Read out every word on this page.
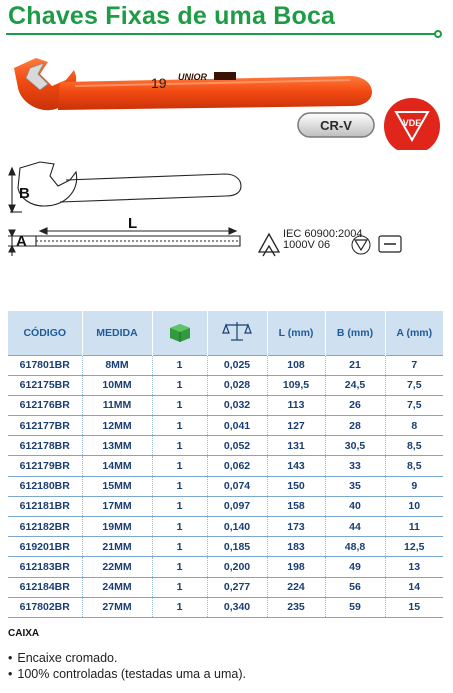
Chaves Fixas de uma Boca
19 UNIOR
CR-V	VDE
B
L
A	IEC 60900:2004
1000V 06
CÓDIGO	MEDIDA			L (mm)	B (mm)	A (mm)
617801BR	8MM	1	0,025	108	21	7
612175BR	10MM	1	0,028	109,5	24,5	7,5
612176BR	11MM	1	0,032	113	26	7,5
612177BR	12MM	1	0,041	127	28	8
612178BR	13MM	1	0,052	131	30,5	8,5
612179BR	14MM	1	0,062	143	33	8,5
612180BR	15MM	1	0,074	150	35	9
612181BR	17MM	1	0,097	158	40	10
612182BR	19MM	1	0,140	173	44	11
619201BR	21MM	1	0,185	183	48,8	12,5
612183BR	22MM	1	0,200	198	49	13
612184BR	24MM	1	0,277	224	56	14
617802BR	27MM	1	0,340	235	59	15
CAIXA
• Encaixe cromado.
• 100% controladas (testadas uma a uma).
